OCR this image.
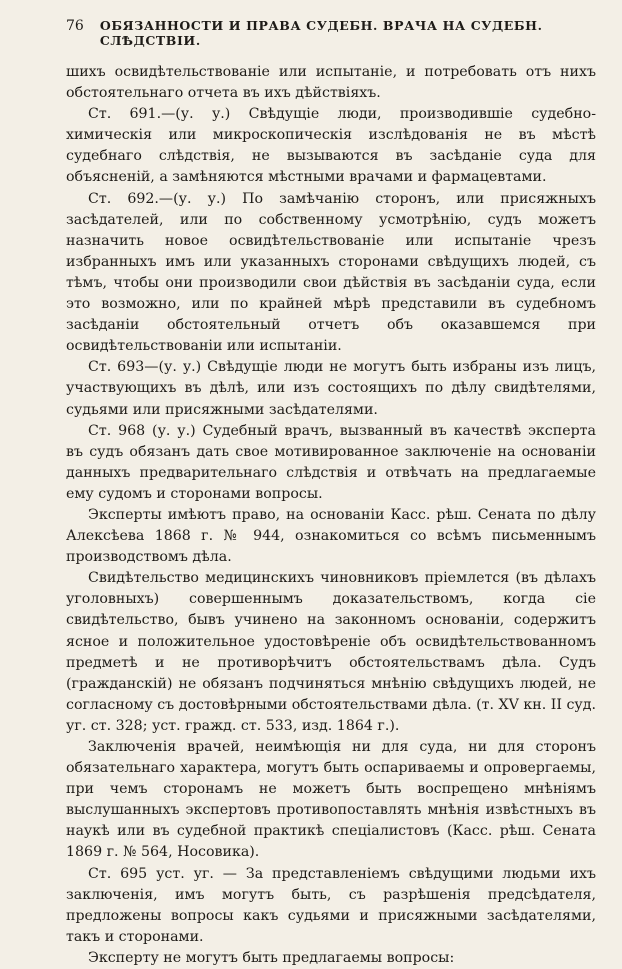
76 ОБЯЗАННОСТИ И ПРАВА СУДЕБН. ВРАЧА НА СУДЕБН. СЛѢДСТВІИ.

шихъ освидѣтельствованіе или испытаніе, и потребовать отъ нихъ обстоятельнаго отчета въ ихъ дѣйствіяхъ.

Ст. 691.—(у. у.) Свѣдущіе люди, производившіе судебно-химическія или микроскопическія изслѣдованія не въ мѣстѣ судебнаго слѣдствія, не вызываются въ засѣданіе суда для объясненій, а замѣняются мѣстными врачами и фармацевтами.

Ст. 692.—(у. у.) По замѣчанію сторонъ, или присяжныхъ засѣдателей, или по собственному усмотрѣнію, судъ можетъ назначить новое освидѣтельствованіе или испытаніе чрезъ избранныхъ имъ или указанныхъ сторонами свѣдущихъ людей, съ тѣмъ, чтобы они производили свои дѣйствія въ засѣданіи суда, если это возможно, или по крайней мѣрѣ представили въ судебномъ засѣданіи обстоятельный отчетъ объ оказавшемся при освидѣтельствованіи или испытаніи.

Ст. 693—(у. у.) Свѣдущіе люди не могутъ быть избраны изъ лицъ, участвующихъ въ дѣлѣ, или изъ состоящихъ по дѣлу свидѣтелями, судьями или присяжными засѣдателями.

Ст. 968 (у. у.) Судебный врачъ, вызванный въ качествѣ эксперта въ судъ обязанъ дать свое мотивированное заключеніе на основаніи данныхъ предварительнаго слѣдствія и отвѣчать на предлагаемые ему судомъ и сторонами вопросы.

Эксперты имѣютъ право, на основаніи Касс. рѣш. Сената по дѣлу Алексѣева 1868 г. № 944, ознакомиться со всѣмъ письменнымъ производствомъ дѣла.

Свидѣтельство медицинскихъ чиновниковъ пріемлется (въ дѣлахъ уголовныхъ) совершеннымъ доказательствомъ, когда сіе свидѣтельство, бывъ учинено на законномъ основаніи, содержитъ ясное и положительное удостовѣреніе объ освидѣтельствованномъ предметѣ и не противорѣчитъ обстоятельствамъ дѣла. Судъ (гражданскій) не обязанъ подчиняться мнѣнію свѣдущихъ людей, не согласному съ достовѣрными обстоятельствами дѣла. (т. XV кн. II суд. уг. ст. 328; уст. гражд. ст. 533, изд. 1864 г.).

Заключенія врачей, неимѣющія ни для суда, ни для сторонъ обязательнаго характера, могутъ быть оспариваемы и опровергаемы, при чемъ сторонамъ не можетъ быть воспрещено мнѣніямъ выслушанныхъ экспертовъ противопоставлять мнѣнія извѣстныхъ въ наукѣ или въ судебной практикѣ спеціалистовъ (Касс. рѣш. Сената 1869 г. № 564, Носовика).

Ст. 695 уст. уг. — За представленіемъ свѣдущими людьми ихъ заключенія, имъ могутъ быть, съ разрѣшенія предсѣдателя, предложены вопросы какъ судьями и присяжными засѣдателями, такъ и сторонами.

Эксперту не могутъ быть предлагаемы вопросы:
